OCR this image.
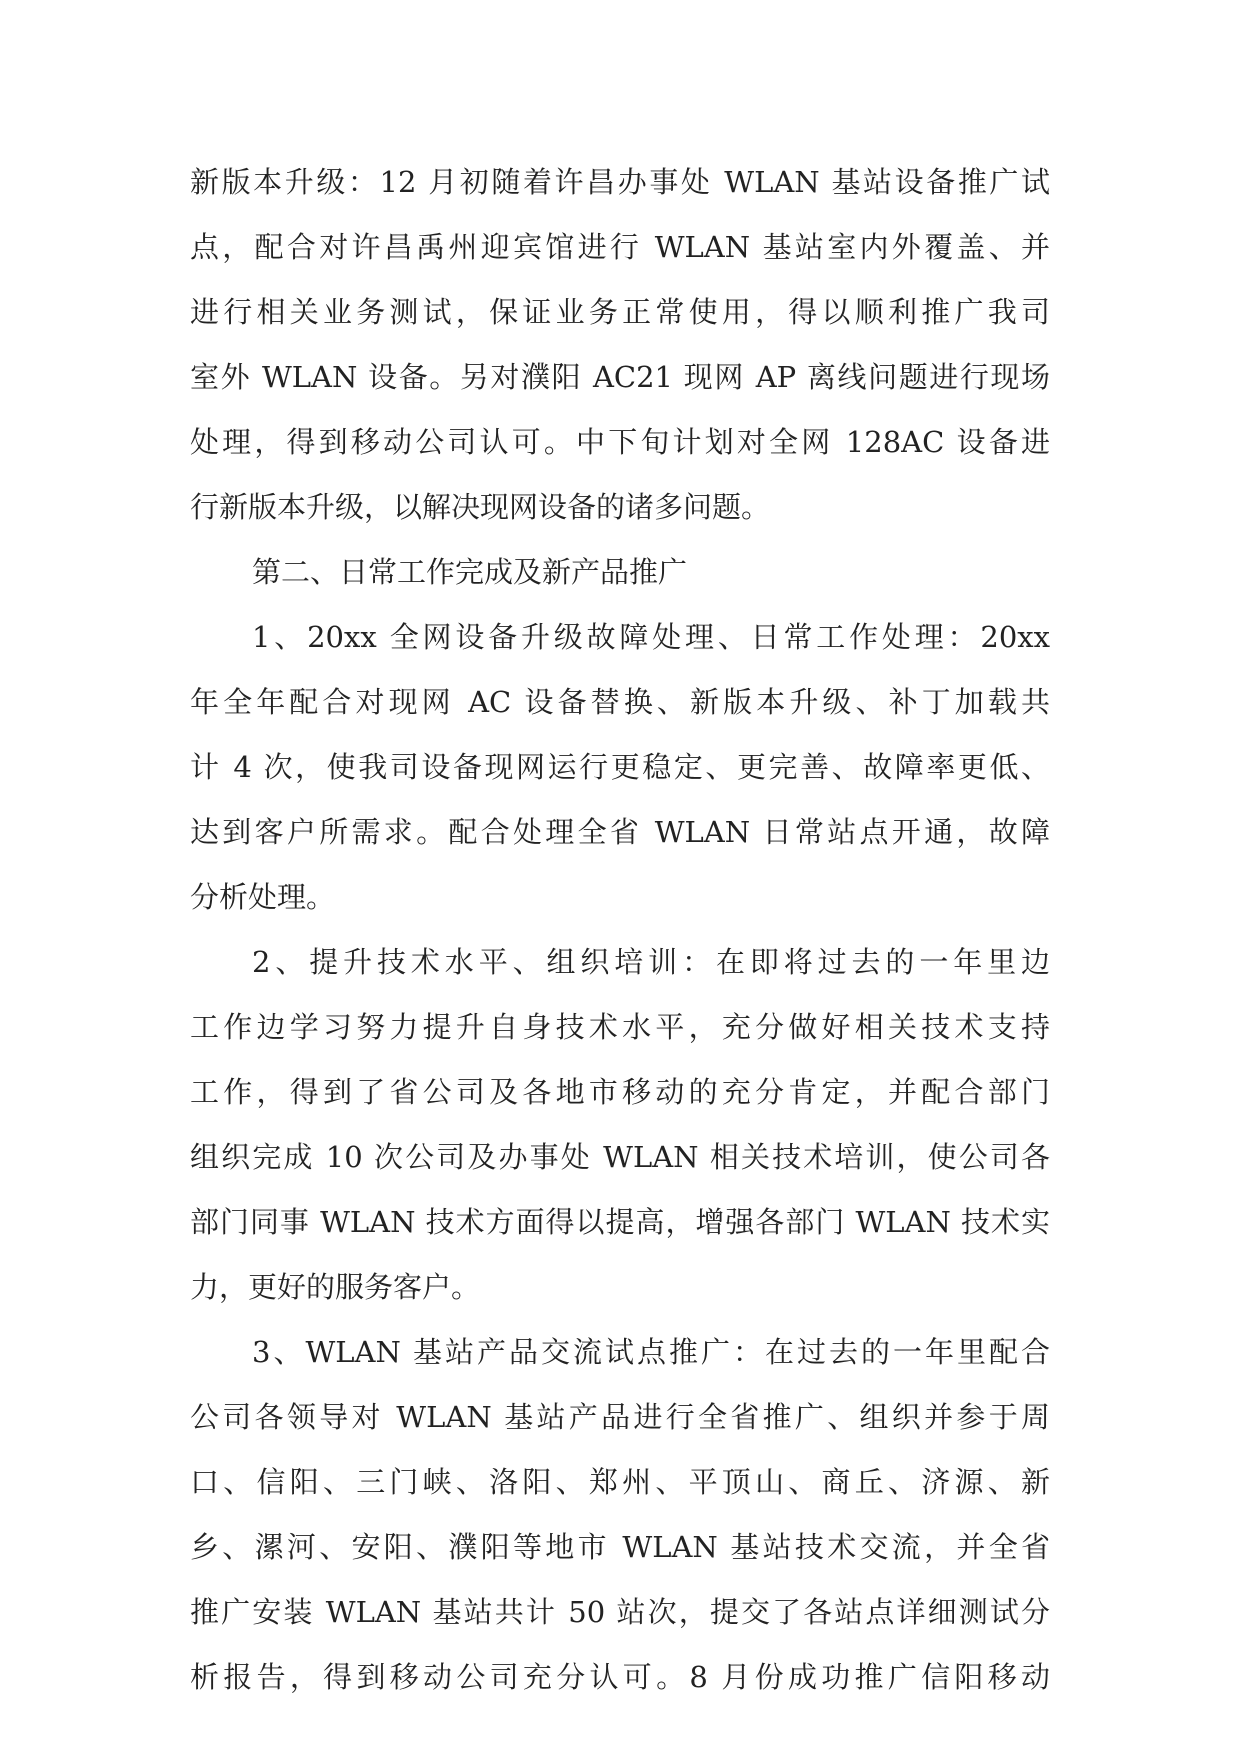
新版本升级：12 月初随着许昌办事处 WLAN 基站设备推广试
点，配合对许昌禹州迎宾馆进行 WLAN 基站室内外覆盖、并
进行相关业务测试，保证业务正常使用，得以顺利推广我司
室外 WLAN 设备。另对濮阳 AC21 现网 AP 离线问题进行现场
处理，得到移动公司认可。中下旬计划对全网 128AC 设备进
行新版本升级，以解决现网设备的诸多问题。
第二、日常工作完成及新产品推广
1、20xx 全网设备升级故障处理、日常工作处理：20xx
年全年配合对现网 AC 设备替换、新版本升级、补丁加载共
计 4 次，使我司设备现网运行更稳定、更完善、故障率更低、
达到客户所需求。配合处理全省 WLAN 日常站点开通，故障
分析处理。
2、提升技术水平、组织培训：在即将过去的一年里边
工作边学习努力提升自身技术水平，充分做好相关技术支持
工作，得到了省公司及各地市移动的充分肯定，并配合部门
组织完成 10 次公司及办事处 WLAN 相关技术培训，使公司各
部门同事 WLAN 技术方面得以提高，增强各部门 WLAN 技术实
力，更好的服务客户。
3、WLAN 基站产品交流试点推广：在过去的一年里配合
公司各领导对 WLAN 基站产品进行全省推广、组织并参于周
口、信阳、三门峡、洛阳、郑州、平顶山、商丘、济源、新
乡、漯河、安阳、濮阳等地市 WLAN 基站技术交流，并全省
推广安装 WLAN 基站共计 50 站次，提交了各站点详细测试分
析报告，得到移动公司充分认可。8 月份成功推广信阳移动
